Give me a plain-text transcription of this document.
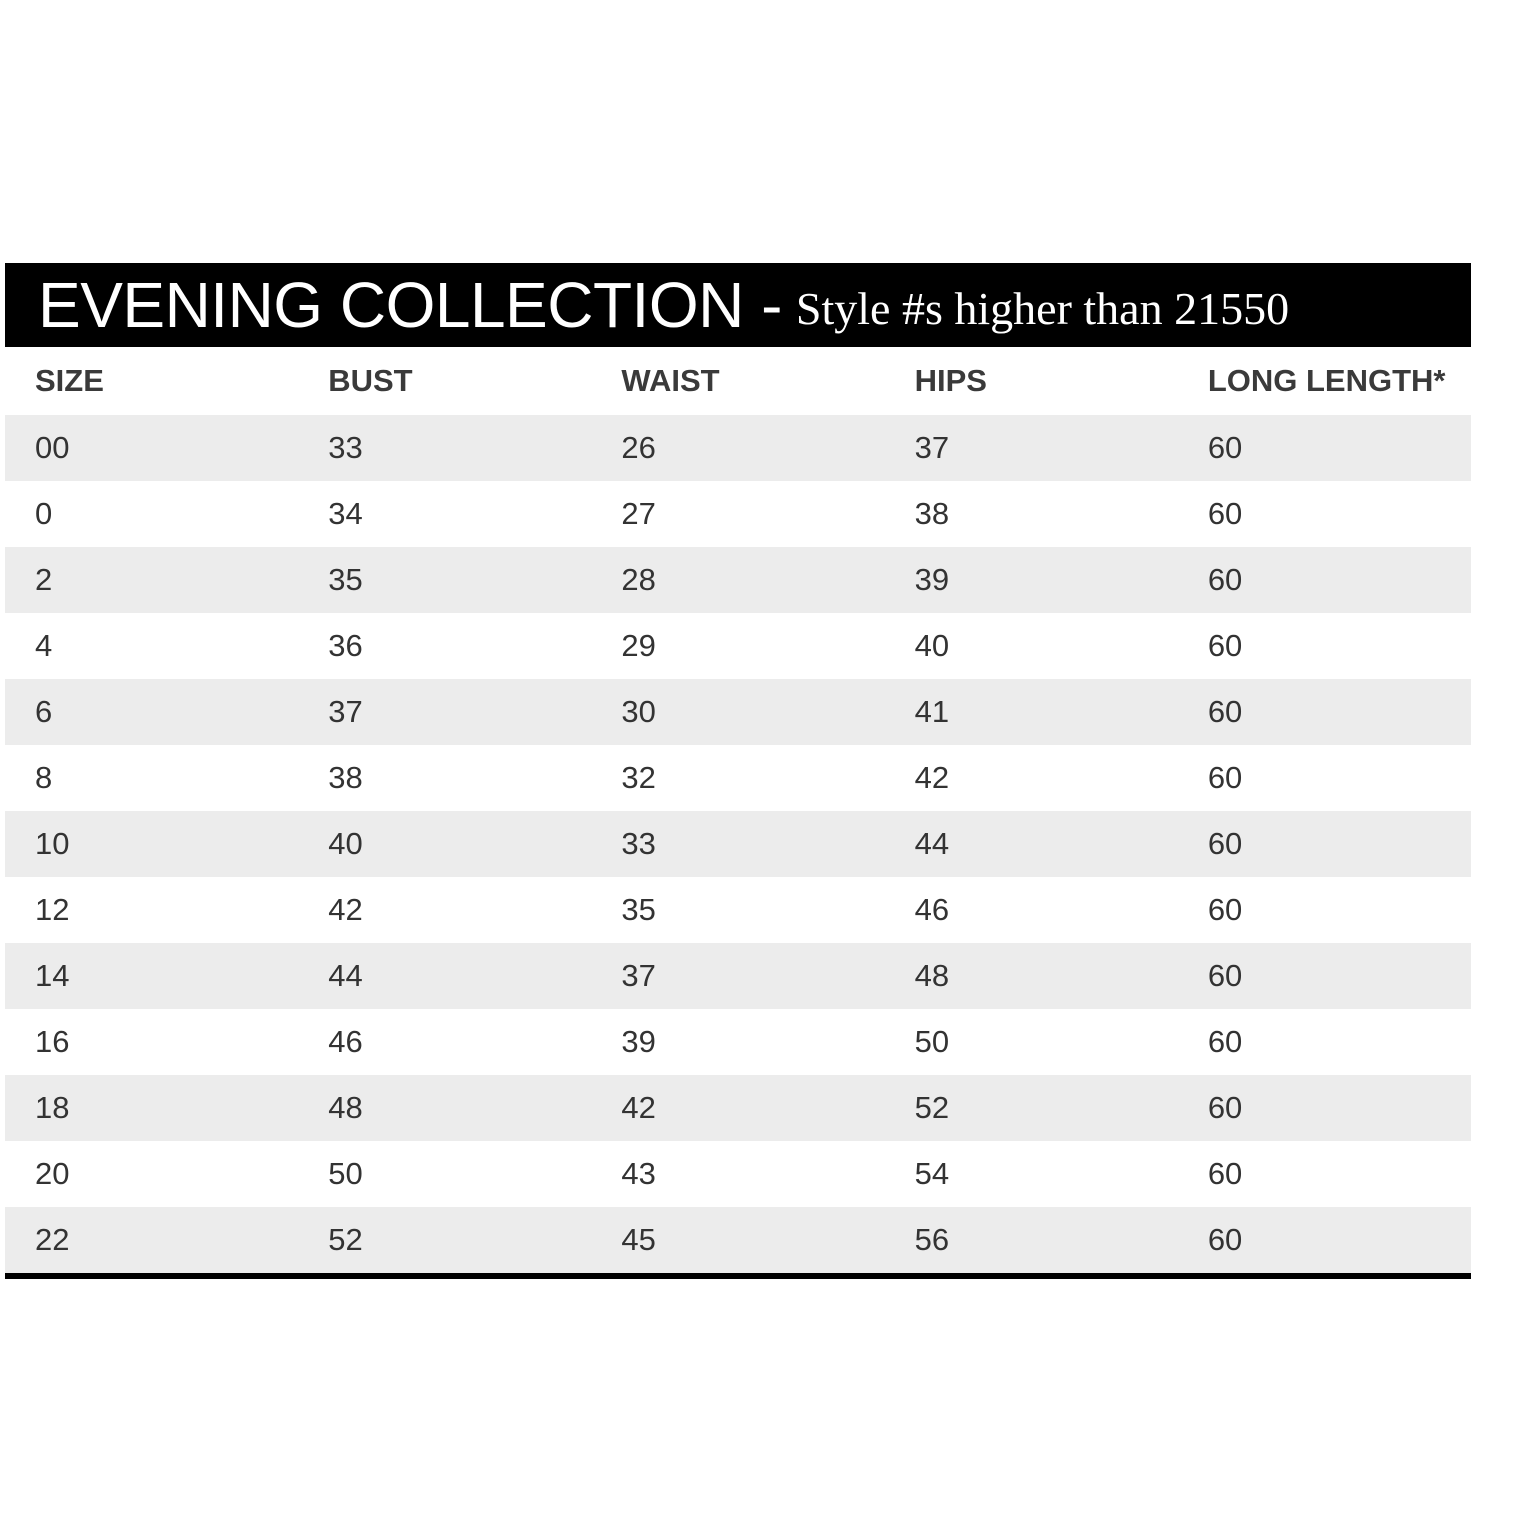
EVENING COLLECTION - Style #s higher than 21550
SIZE	BUST	WAIST	HIPS	LONG LENGTH*
00	33	26	37	60
0	34	27	38	60
2	35	28	39	60
4	36	29	40	60
6	37	30	41	60
8	38	32	42	60
10	40	33	44	60
12	42	35	46	60
14	44	37	48	60
16	46	39	50	60
18	48	42	52	60
20	50	43	54	60
22	52	45	56	60
